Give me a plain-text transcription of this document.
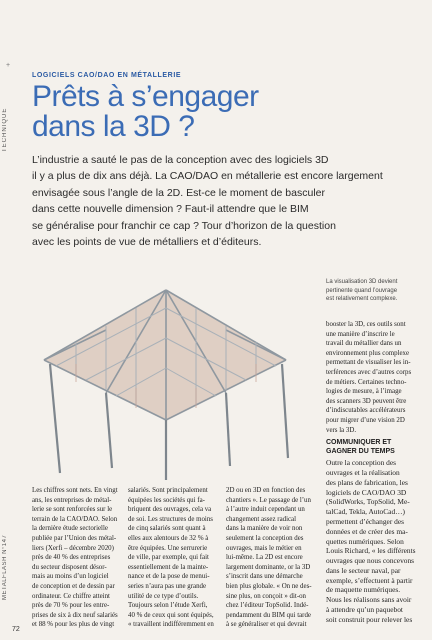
+
TECHNIQUE
METALFLASH N°147
72
LOGICIELS CAO/DAO EN MÉTALLERIE
Prêts à s’engager
dans la 3D ?
L’industrie a sauté le pas de la conception avec des logiciels 3D
il y a plus de dix ans déjà. La CAO/DAO en métallerie est encore largement
envisagée sous l’angle de la 2D. Est-ce le moment de basculer
dans cette nouvelle dimension ? Faut-il attendre que le BIM
se généralise pour franchir ce cap ? Tour d’horizon de la question
avec les points de vue de métalliers et d’éditeurs.
La visualisation 3D devient
pertinente quand l’ouvrage
est relativement complexe.
Les chiffres sont nets. En vingt
ans, les entreprises de métal-
lerie se sont renforcées sur le
terrain de la CAO/DAO. Selon
la dernière étude sectorielle
publiée par l’Union des métal-
liers (Xerfi – décembre 2020)
près de 40 % des entreprises
du secteur disposent désor-
mais au moins d’un logiciel
de conception et de dessin par
ordinateur. Ce chiffre atteint
près de 70 % pour les entre-
prises de six à dix neuf salariés
et 88 % pour les plus de vingt
salariés. Sont principalement
équipées les sociétés qui fa-
briquent des ouvrages, cela va
de soi. Les structures de moins
de cinq salariés sont quant à
elles aux alentours de 32 % à
être équipées. Une serrurerie
de ville, par exemple, qui fait
essentiellement de la mainte-
nance et de la pose de menui-
series n’aura pas une grande
utilité de ce type d’outils.
Toujours selon l’étude Xerfi,
40 % de ceux qui sont équipés,
« travaillent indifféremment en
2D ou en 3D en fonction des
chantiers ». Le passage de l’un
à l’autre induit cependant un
changement assez radical
dans la manière de voir non
seulement la conception des
ouvrages, mais le métier en
lui-même. La 2D est encore
largement dominante, or la 3D
s’inscrit dans une démarche
bien plus globale. « On ne des-
sine plus, on conçoit » dit-on
chez l’éditeur TopSolid. Indé-
pendamment du BIM qui tarde
à se généraliser et qui devrait
booster la 3D, ces outils sont
une manière d’inscrire le
travail du métallier dans un
environnement plus complexe
permettant de visualiser les in-
terférences avec d’autres corps
de métiers. Certaines techno-
logies de mesure, à l’image
des scanners 3D peuvent être
d’indiscutables accélérateurs
pour migrer d’une vision 2D
vers la 3D.
COMMUNIQUER ET
GAGNER DU TEMPS
Outre la conception des
ouvrages et la réalisation
des plans de fabrication, les
logiciels de CAO/DAO 3D
(SolidWorks, TopSolid, Me-
talCad, Tekla, AutoCad…)
permettent d’échanger des
données et de créer des ma-
quettes numériques. Selon
Louis Richard, « les différents
ouvrages que nous concevons
dans le secteur naval, par
exemple, s’effectuent à partir
de maquette numériques.
Nous les réalisons sans avoir
à attendre qu’un paquebot
soit construit pour relever les
